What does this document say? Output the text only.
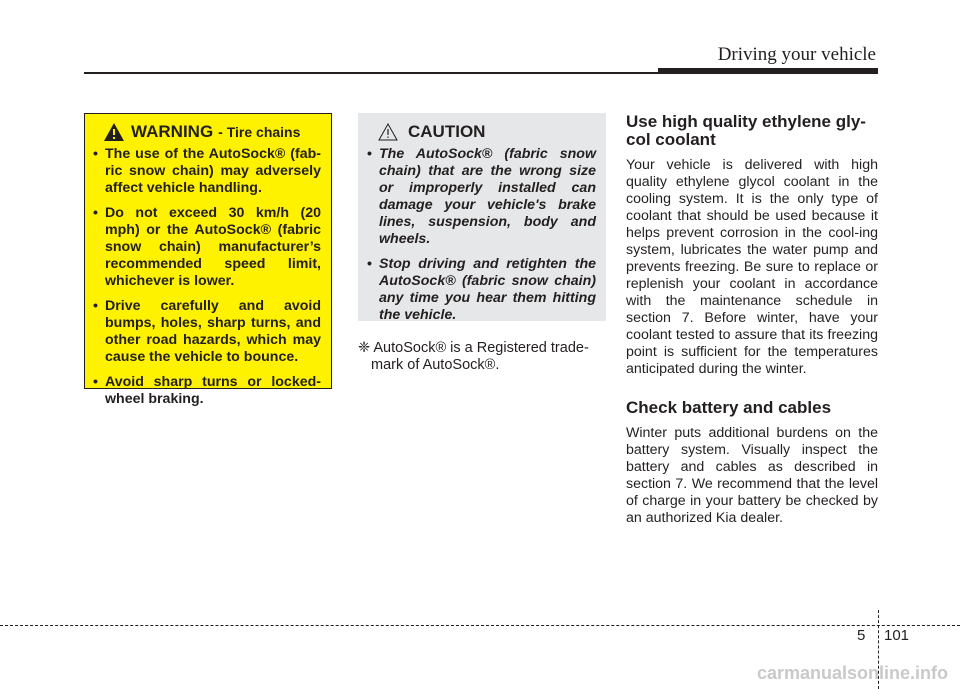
Driving your vehicle
WARNING - Tire chains
• The use of the AutoSock® (fab-ric snow chain) may adversely affect vehicle handling.
• Do not exceed 30 km/h (20 mph) or the AutoSock® (fabric snow chain) manufacturer’s recommended speed limit, whichever is lower.
• Drive carefully and avoid bumps, holes, sharp turns, and other road hazards, which may cause the vehicle to bounce.
• Avoid sharp turns or locked-wheel braking.
CAUTION
• The AutoSock® (fabric snow chain) that are the wrong size or improperly installed can damage your vehicle's brake lines, suspension, body and wheels.
• Stop driving and retighten the AutoSock® (fabric snow chain) any time you hear them hitting the vehicle.
❈ AutoSock® is a Registered trade-
mark of AutoSock®.
Use high quality ethylene gly-col coolant

Your vehicle is delivered with high quality ethylene glycol coolant in the cooling system. It is the only type of coolant that should be used because it helps prevent corrosion in the cool-ing system, lubricates the water pump and prevents freezing. Be sure to replace or replenish your coolant in accordance with the maintenance schedule in section 7. Before winter, have your coolant tested to assure that its freezing point is sufficient for the temperatures anticipated during the winter.

Check battery and cables

Winter puts additional burdens on the battery system. Visually inspect the battery and cables as described in section 7. We recommend that the level of charge in your battery be checked by an authorized Kia dealer.

5 101
carmanualsonline.info
